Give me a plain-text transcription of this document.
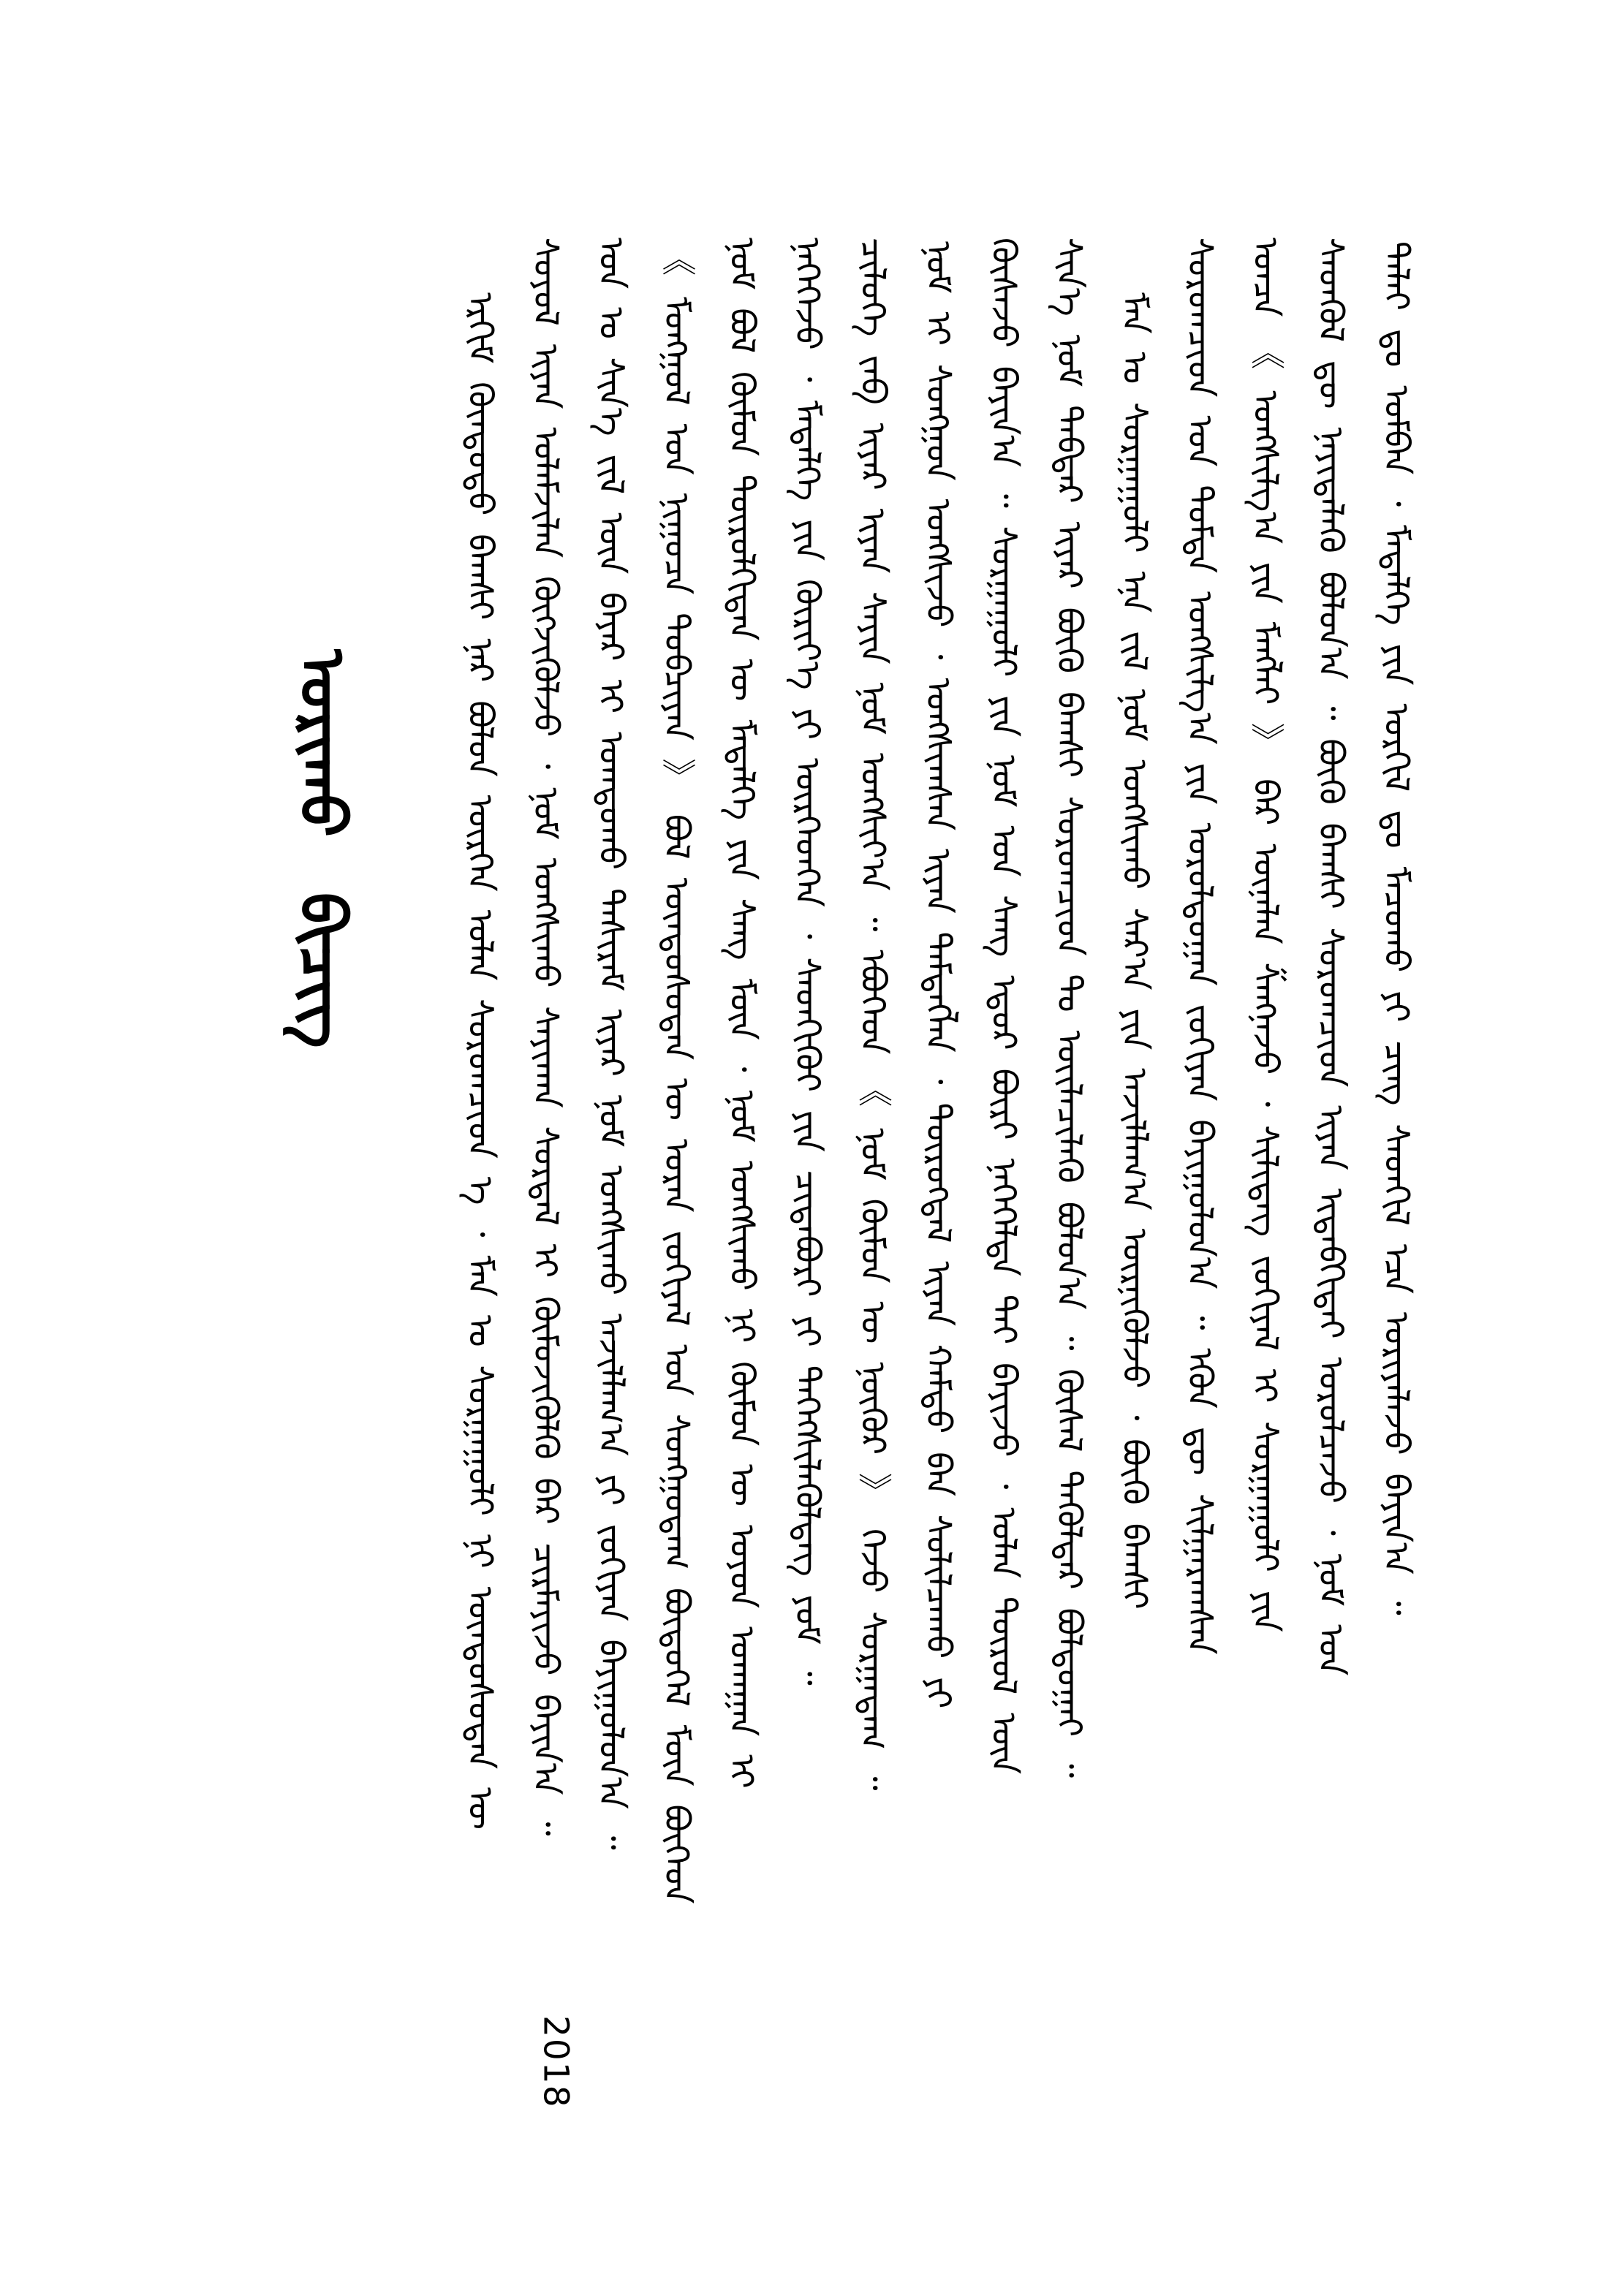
ᠤᠷᠢᠬᠤ ᠪᠢᠴᠢᠭ	ᠡᠷᠬᠢᠮ ᠬᠦᠨᠳᠦᠲᠦ ᠪᠠᠭᠰᠢ ᠨᠠᠷ ᠪᠣᠯᠤᠨ ᠥᠷᠭᠡᠨ ᠣᠯᠠᠨ ᠰᠤᠷᠤᠭᠴᠢᠳ ᠡ ᠂ ᠮᠠᠨ ᠤ ᠰᠤᠷᠭᠠᠭᠤᠯᠢ ᠨᠢ ᠦᠨᠳᠦᠰᠦᠲᠡᠨ ᠦ ᠰᠣᠶᠣᠯ ᠢᠶᠠᠨ ᠤᠯᠠᠮᠵᠢᠯᠠᠨ ᠬᠥᠭᠵᠢᠭᠦᠯᠵᠦ ᠂ ᠨᠣᠮ ᠤᠩᠰᠢᠬᠤ ᠰᠠᠶᠢᠬᠠᠨ ᠰᠤᠷᠲᠠᠯ ᠢ ᠬᠥᠮᠦᠵᠢᠭᠦᠯᠬᠦ ᠪᠡᠷ ᠴᠢᠷᠮᠠᠶᠢᠵᠤ ᠪᠠᠶᠢᠨ᠎ᠠ ᠃
2018
ᠣᠨ ᠤ ᠰᠢᠨ᠎ᠡ ᠵᠢᠯ ᠦᠨ ᠪᠠᠶᠠᠷ ᠢ ᠤᠭᠲᠤᠬᠤ ᠳᠠᠰᠢᠷᠠᠮ ᠢᠶᠠᠷ ᠨᠣᠮ ᠤᠩᠰᠢᠬᠤ ᠠᠵᠢᠯᠯᠠᠭ᠎ᠠ ᠶᠢ ᠵᠣᠬᠢᠶᠠᠨ ᠪᠠᠶᠢᠭᠤᠯᠤᠨ᠎ᠠ ᠃ 《 ᠮᠣᠩᠭᠣᠯ ᠤᠨ ᠨᠢᠭᠤᠴᠠ ᠲᠣᠪᠴᠢᠶᠠᠨ 》 ᠪᠣᠯ ᠦᠨᠳᠦᠰᠦᠲᠡᠨ ᠦ ᠤᠷᠠᠨ ᠵᠣᠬᠢᠶᠠᠯ ᠤᠨ ᠰᠤᠩᠭᠤᠳᠠᠭ ᠪᠦᠲᠦᠭᠡᠯ ᠮᠥᠨ ᠪᠥᠭᠡᠳ ᠨᠣᠮ ᠪᠣᠯ ᠬᠦᠮᠦᠨ ᠲᠥᠷᠥᠯᠬᠢᠲᠡᠨ ᠦ ᠮᠡᠳᠡᠯᠭᠡ ᠶᠢᠨ ᠰᠠᠩ ᠮᠥᠨ ᠂ ᠨᠣᠮ ᠤᠩᠰᠢᠬᠤ ᠨᠢ ᠬᠦᠮᠦᠨ ᠦ ᠣᠶᠤᠨ ᠤᠬᠠᠭᠠᠨ ᠢ ᠨᠡᠭᠡᠭᠡᠵᠦ ᠂ ᠮᠡᠳᠡᠯᠭᠡ ᠶᠢᠨ ᠬᠦᠷᠢᠶ᠎ᠡ ᠶᠢ ᠥᠷᠭᠡᠳᠬᠡᠨ ᠂ ᠰᠡᠳᠬᠢᠬᠦᠢ ᠶᠢᠨ ᠴᠢᠳᠠᠪᠤᠷᠢ ᠶᠢ ᠳᠡᠭᠡᠭᠰᠢᠯᠡᠭᠦᠯᠳᠡᠭ ᠶᠤᠮ ᠃ ᠴᠢᠯᠥᠭᠡ ᠵᠠᠪ ᠢᠶᠠᠷ ᠢᠶᠠᠨ ᠰᠠᠶᠢᠨ ᠨᠣᠮ ᠤᠩᠰᠢᠶ᠎ᠠ ᠃ ᠡᠪᠦᠭᠡᠳ 《 ᠨᠣᠮ ᠬᠦᠮᠦᠨ ᠦ ᠨᠥᠬᠥᠷ 》 ᠭᠡᠵᠦ ᠰᠤᠷᠭᠠᠳᠠᠭ ᠃ ᠨᠣᠮ ᠢ ᠰᠣᠩᠭᠣᠨ ᠤᠩᠰᠢᠵᠤ ᠂ ᠤᠩᠰᠢᠭᠰᠠᠨ ᠢᠶᠠᠨ ᠲᠡᠮᠳᠡᠭᠯᠡᠨ ᠂ ᠲᠥᠷᠥᠭᠳᠡᠯ ᠢᠶᠡᠨ ᠬᠠᠮᠲᠤ ᠪᠠᠨ ᠰᠣᠯᠢᠯᠴᠠᠬᠤ ᠶᠢ ᠬᠦᠰᠡᠵᠦ ᠪᠠᠶᠢᠨ᠎ᠠ ᠃ ᠰᠤᠷᠭᠠᠭᠤᠯᠢ ᠶᠢᠨ ᠨᠣᠮ ᠤᠨ ᠰᠠᠩ ᠡᠳᠦᠷ ᠪᠦᠷᠢ ᠨᠡᠭᠡᠭᠡᠯᠲᠡ ᠲᠡᠢ ᠪᠠᠶᠢᠵᠤ ᠂ ᠣᠯᠠᠨ ᠲᠥᠷᠥᠯ ᠦᠨ ᠰᠢᠨ᠎ᠡ ᠨᠣᠮ ᠳᠡᠪᠲᠡᠷ ᠢᠶᠡᠷ ᠪᠦᠬᠦ ᠪᠠᠭᠰᠢ ᠰᠤᠷᠤᠭᠴᠢᠳ ᠲᠤ ᠦᠢᠯᠡᠴᠢᠯᠡᠬᠦ ᠪᠣᠯᠤᠨ᠎ᠠ ᠃ ᠬᠦᠰᠡᠯ ᠲᠡᠭᠦᠯᠳᠡᠷ ᠪᠣᠯᠲᠤᠭᠠᠢ ᠃ ᠮᠠᠨ ᠤ ᠰᠤᠷᠭᠠᠭᠤᠯᠢ ᠡᠨᠡ ᠵᠢᠯ ᠨᠣᠮ ᠤᠩᠰᠢᠬᠤ ᠰᠠᠷ᠎ᠠ ᠶᠢᠨ ᠠᠵᠢᠯᠯᠠᠭ᠎ᠠ ᠥᠷᠨᠢᠭᠦᠯᠵᠦ ᠂ ᠪᠦᠬᠦ ᠪᠠᠭᠰᠢ ᠰᠤᠷᠤᠭᠴᠢᠳ ᠤᠨ ᠳᠤᠮᠳᠠ ᠤᠩᠰᠢᠯᠭ᠎ᠠ ᠶᠢᠨ ᠤᠷᠤᠯᠳᠤᠭᠠᠨ ᠵᠣᠬᠢᠶᠠᠨ ᠪᠠᠶᠢᠭᠤᠯᠤᠨ᠎ᠠ ᠃ ᠡᠭᠦᠨ ᠳᠦ ᠰᠢᠯᠭᠠᠷᠠᠭᠰᠠᠨ ᠣᠨᠴᠠ 《 ᠤᠩᠰᠢᠯᠭ᠎ᠠ ᠶᠢᠨ ᠮᠠᠩᠯᠠᠢ 》 ᠪᠠᠷ ᠦᠨᠡᠯᠡᠨ ᠱᠠᠩᠨᠠᠵᠤ ᠂ ᠰᠢᠯᠢᠳᠡᠭ ᠵᠣᠬᠢᠶᠠᠯ ᠢ ᠰᠤᠷᠭᠠᠭᠤᠯᠢ ᠶᠢᠨ ᠰᠡᠳᠬᠦᠯ ᠳᠦ ᠨᠡᠶᠢᠲᠡᠯᠡᠬᠦ ᠪᠣᠯᠤᠨ᠎ᠠ ᠃ ᠪᠦᠬᠦ ᠪᠠᠭᠰᠢ ᠰᠤᠷᠤᠭᠴᠢᠳ ᠢᠶᠠᠨ ᠢᠳᠡᠪᠬᠢᠲᠡᠢ ᠣᠷᠣᠯᠴᠠᠵᠤ ᠂ ᠨᠣᠮ ᠤᠨ ᠳᠠᠯᠠᠢ ᠳᠤ ᠤᠮᠪᠠᠨ ᠂ ᠮᠡᠳᠡᠯᠭᠡ ᠶᠢᠨ ᠣᠷᠭᠢᠯ ᠳᠤ ᠮᠠᠴᠤᠬᠤ ᠶᠢ ᠴᠢᠩ ᠰᠡᠳᠬᠢᠯ ᠡᠴᠡ ᠤᠷᠢᠶᠠᠯᠠᠵᠤ ᠪᠠᠶᠢᠨ᠎ᠠ ᠃
